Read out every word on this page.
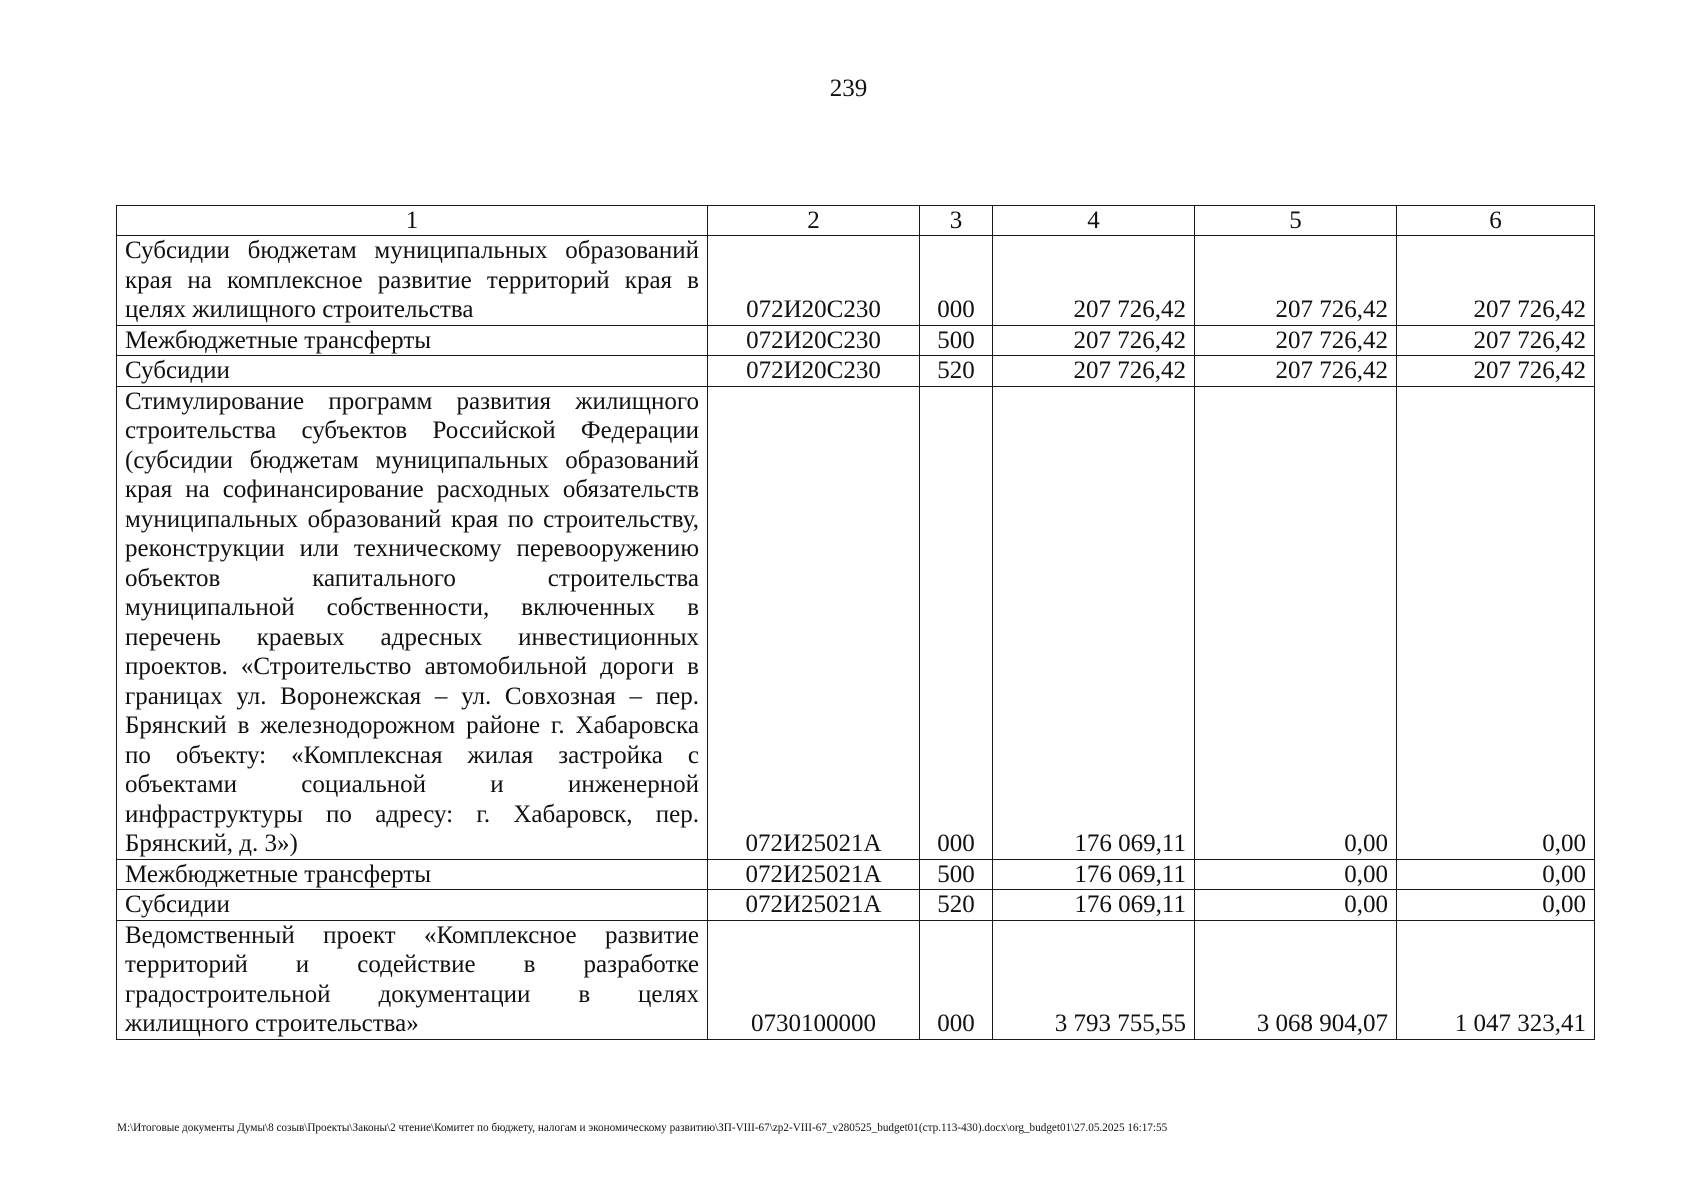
239
1	2	3	4	5	6
Субсидии бюджетам муниципальных образований края на комплексное развитие территорий края в целях жилищного строительства	072И20С230	000	207 726,42	207 726,42	207 726,42
Межбюджетные трансферты	072И20С230	500	207 726,42	207 726,42	207 726,42
Субсидии	072И20С230	520	207 726,42	207 726,42	207 726,42
Стимулирование программ развития жилищного строительства субъектов Российской Федерации (субсидии бюджетам муниципальных образований края на софинансирование расходных обязательств муниципальных образований края по строительству, реконструкции или техническому перевооружению объектов капитального строительства муниципальной собственности, включенных в перечень краевых адресных инвестиционных проектов. «Строительство автомобильной дороги в границах ул. Воронежская – ул. Совхозная – пер. Брянский в железнодорожном районе г. Хабаровска по объекту: «Комплексная жилая застройка с объектами социальной и инженерной инфраструктуры по адресу: г. Хабаровск, пер. Брянский, д. 3»)	072И25021А	000	176 069,11	0,00	0,00
Межбюджетные трансферты	072И25021А	500	176 069,11	0,00	0,00
Субсидии	072И25021А	520	176 069,11	0,00	0,00
Ведомственный проект «Комплексное развитие территорий и содействие в разработке градостроительной документации в целях жилищного строительства»	0730100000	000	3 793 755,55	3 068 904,07	1 047 323,41
M:\Итоговые документы Думы\8 созыв\Проекты\Законы\2 чтение\Комитет по бюджету, налогам и экономическому развитию\ЗП-VIII-67\zp2-VIII-67_v280525_budget01(стр.113-430).docx\org_budget01\27.05.2025 16:17:55
